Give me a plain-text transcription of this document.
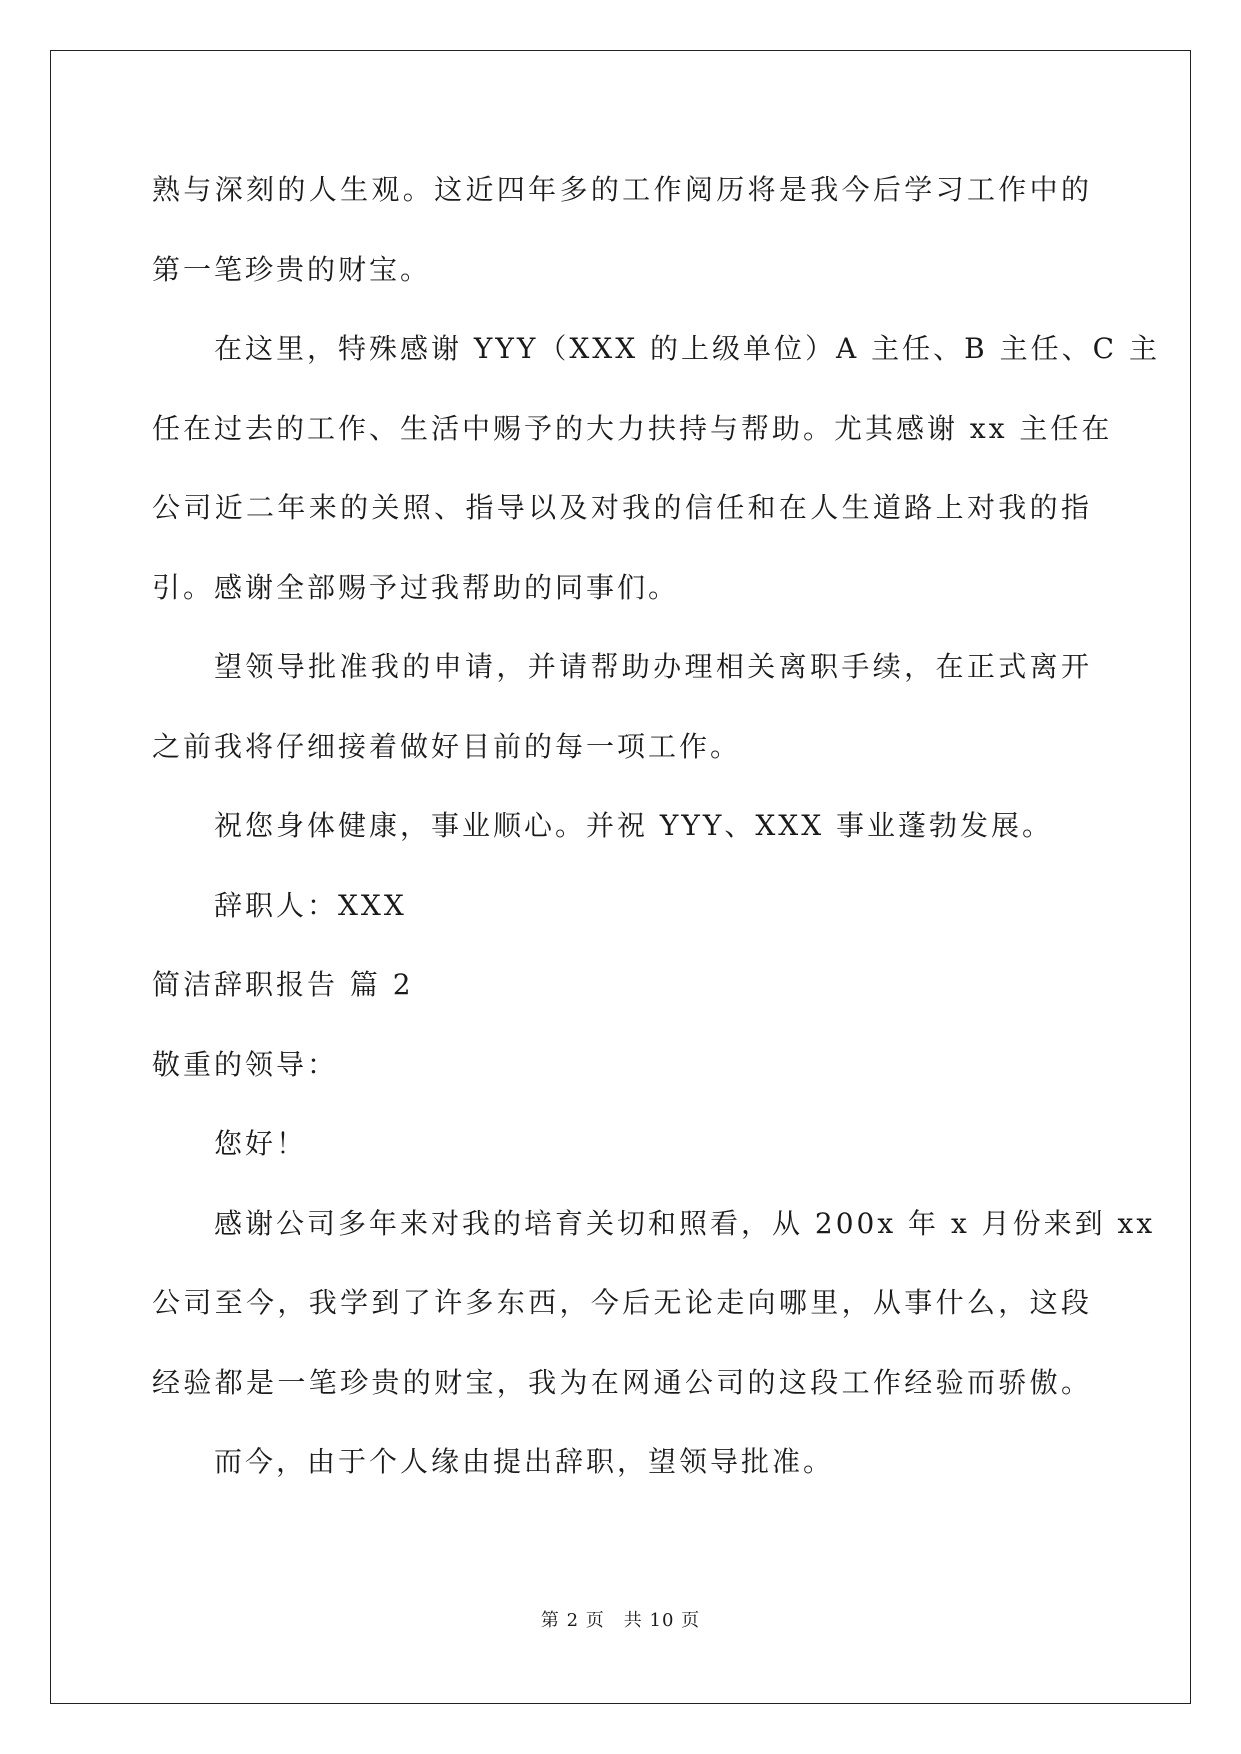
熟与深刻的人生观。这近四年多的工作阅历将是我今后学习工作中的
第一笔珍贵的财宝。
在这里，特殊感谢 YYY（XXX 的上级单位）A 主任、B 主任、C 主
任在过去的工作、生活中赐予的大力扶持与帮助。尤其感谢 xx 主任在
公司近二年来的关照、指导以及对我的信任和在人生道路上对我的指
引。感谢全部赐予过我帮助的同事们。
望领导批准我的申请，并请帮助办理相关离职手续，在正式离开
之前我将仔细接着做好目前的每一项工作。
祝您身体健康，事业顺心。并祝 YYY、XXX 事业蓬勃发展。
辞职人：XXX
简洁辞职报告 篇 2
敬重的领导：
您好！
感谢公司多年来对我的培育关切和照看，从 200x 年 x 月份来到 xx
公司至今，我学到了许多东西，今后无论走向哪里，从事什么，这段
经验都是一笔珍贵的财宝，我为在网通公司的这段工作经验而骄傲。
而今，由于个人缘由提出辞职，望领导批准。
第 2 页　共 10 页
